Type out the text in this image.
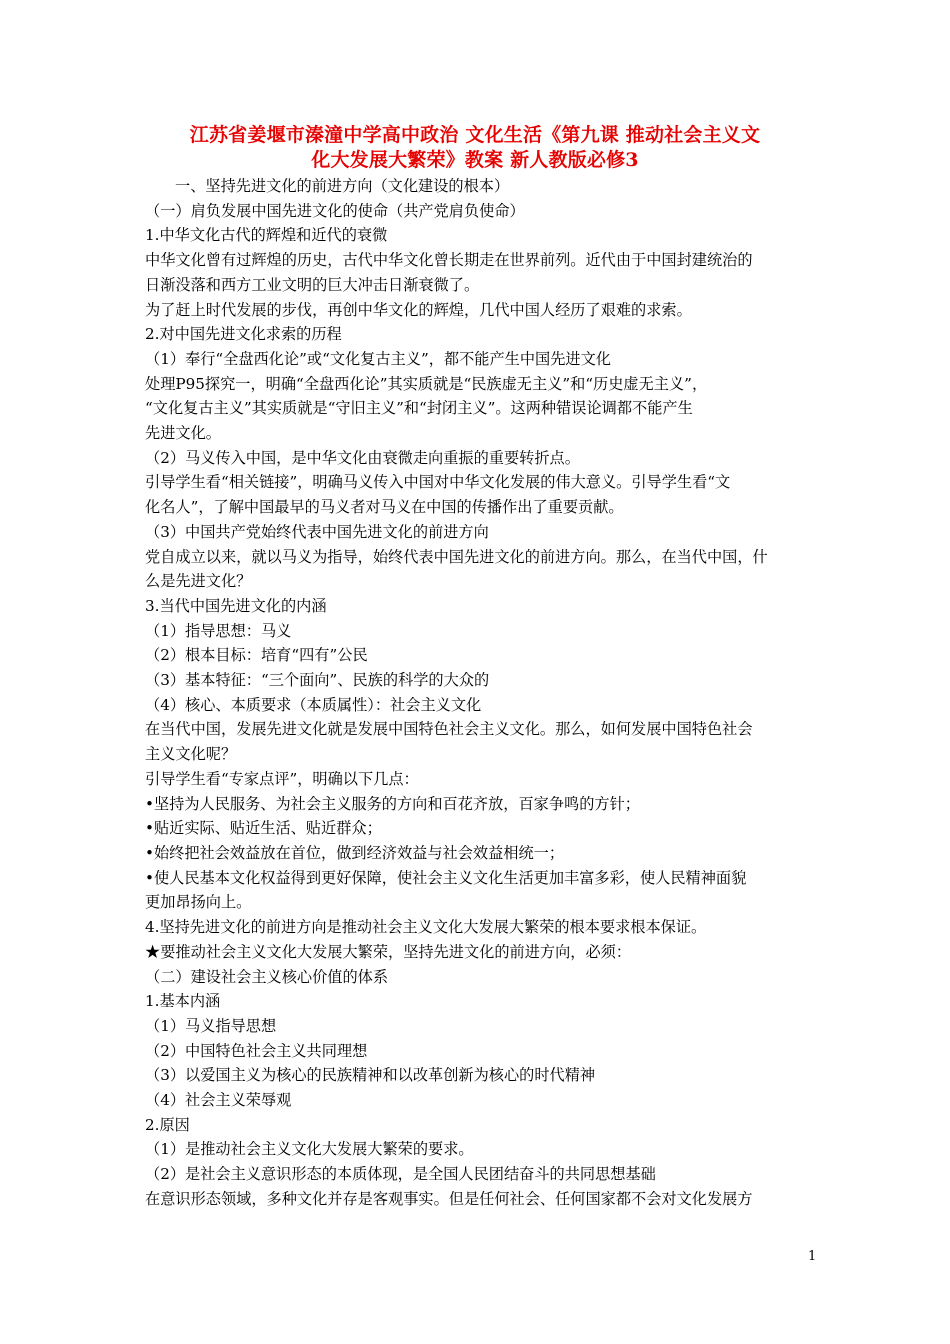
江苏省姜堰市溱潼中学高中政治 文化生活《第九课 推动社会主义文
化大发展大繁荣》教案 新人教版必修3
一、坚持先进文化的前进方向（文化建设的根本）
（一）肩负发展中国先进文化的使命（共产党肩负使命）
1.中华文化古代的辉煌和近代的衰微
中华文化曾有过辉煌的历史，古代中华文化曾长期走在世界前列。近代由于中国封建统治的
日渐没落和西方工业文明的巨大冲击日渐衰微了。
为了赶上时代发展的步伐，再创中华文化的辉煌，几代中国人经历了艰难的求索。
2.对中国先进文化求索的历程
（1）奉行“全盘西化论”或“文化复古主义”，都不能产生中国先进文化
处理P95探究一，明确“全盘西化论”其实质就是“民族虚无主义”和“历史虚无主义”，
“文化复古主义”其实质就是“守旧主义”和“封闭主义”。这两种错误论调都不能产生
先进文化。
（2）马义传入中国，是中华文化由衰微走向重振的重要转折点。
引导学生看“相关链接”，明确马义传入中国对中华文化发展的伟大意义。引导学生看“文
化名人”，了解中国最早的马义者对马义在中国的传播作出了重要贡献。
（3）中国共产党始终代表中国先进文化的前进方向
党自成立以来，就以马义为指导，始终代表中国先进文化的前进方向。那么，在当代中国，什
么是先进文化？
3.当代中国先进文化的内涵
（1）指导思想：马义
（2）根本目标：培育“四有”公民
（3）基本特征：“三个面向”、民族的科学的大众的
（4）核心、本质要求（本质属性）：社会主义文化
在当代中国，发展先进文化就是发展中国特色社会主义文化。那么，如何发展中国特色社会
主义文化呢？
引导学生看“专家点评”，明确以下几点：
•坚持为人民服务、为社会主义服务的方向和百花齐放，百家争鸣的方针；
•贴近实际、贴近生活、贴近群众；
•始终把社会效益放在首位，做到经济效益与社会效益相统一；
•使人民基本文化权益得到更好保障，使社会主义文化生活更加丰富多彩，使人民精神面貌
更加昂扬向上。
4.坚持先进文化的前进方向是推动社会主义文化大发展大繁荣的根本要求根本保证。
★要推动社会主义文化大发展大繁荣，坚持先进文化的前进方向，必须：
（二）建设社会主义核心价值的体系
1.基本内涵
（1）马义指导思想
（2）中国特色社会主义共同理想
（3）以爱国主义为核心的民族精神和以改革创新为核心的时代精神
（4）社会主义荣辱观
2.原因
（1）是推动社会主义文化大发展大繁荣的要求。
（2）是社会主义意识形态的本质体现，是全国人民团结奋斗的共同思想基础
在意识形态领域，多种文化并存是客观事实。但是任何社会、任何国家都不会对文化发展方
1
